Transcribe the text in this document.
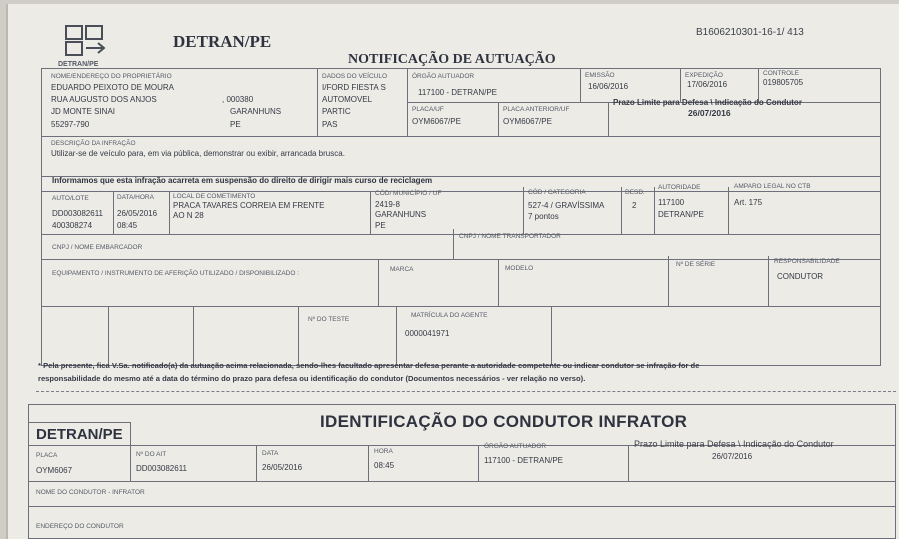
DETRAN/PE
DETRAN/PE	B1606210301-16-1/ 413
NOTIFICAÇÃO DE AUTUAÇÃO
NOME/ENDEREÇO DO PROPRIETÁRIO
EDUARDO PEIXOTO DE MOURA
RUA AUGUSTO DOS ANJOS	, 000380
JD MONTE SINAI	GARANHUNS
55297-790	PE
DADOS DO VEÍCULO
I/FORD FIESTA S
AUTOMOVEL
PARTIC
PAS
ÓRGÃO AUTUADOR
117100 - DETRAN/PE
EMISSÃO
16/06/2016
EXPEDIÇÃO
17/06/2016
CONTROLE
019805705
PLACA/UF
OYM6067/PE
PLACA ANTERIOR/UF
OYM6067/PE
Prazo Limite para Defesa \ Indicação do Condutor
26/07/2016
DESCRIÇÃO DA INFRAÇÃO
Utilizar-se de veículo para, em via pública, demonstrar ou exibir, arrancada brusca.
Informamos que esta infração acarreta em suspensão do direito de dirigir mais curso de reciclagem
AUTO/LOTE
DD003082611
400308274
DATA/HORA
26/05/2016
08:45
LOCAL DE COMETIMENTO
PRACA TAVARES CORREIA EM FRENTE
AO N 28
CÓD/ MUNICÍPIO / UF
2419-8
GARANHUNS
PE
CÓD / CATEGORIA
527-4 / GRAVÍSSIMA
7 pontos
DESD.
2
AUTORIDADE
117100
DETRAN/PE
AMPARO LEGAL NO CTB
Art. 175
CNPJ / NOME EMBARCADOR
CNPJ / NOME TRANSPORTADOR
EQUIPAMENTO / INSTRUMENTO DE AFERIÇÃO UTILIZADO / DISPONIBILIZADO :
MARCA	MODELO
Nº DE SÉRIE	RESPONSABILIDADE
CONDUTOR
Nº DO TESTE
MATRÍCULA DO AGENTE
0000041971
* Pela presente, fica V.Sa. notificado(a) da autuação acima relacionada, sendo-lhes facultado apresentar defesa perante a autoridade competente ou indicar condutor se infração for de
responsabilidade do mesmo até a data do término do prazo para defesa ou identificação do condutor (Documentos necessários - ver relação no verso).
DETRAN/PE
IDENTIFICAÇÃO DO CONDUTOR INFRATOR
PLACA
OYM6067
Nº DO AIT
DD003082611
DATA
26/05/2016
HORA
08:45
ÓRGÃO AUTUADOR
117100 - DETRAN/PE
Prazo Limite para Defesa \ Indicação do Condutor
26/07/2016
NOME DO CONDUTOR - INFRATOR
ENDEREÇO DO CONDUTOR
